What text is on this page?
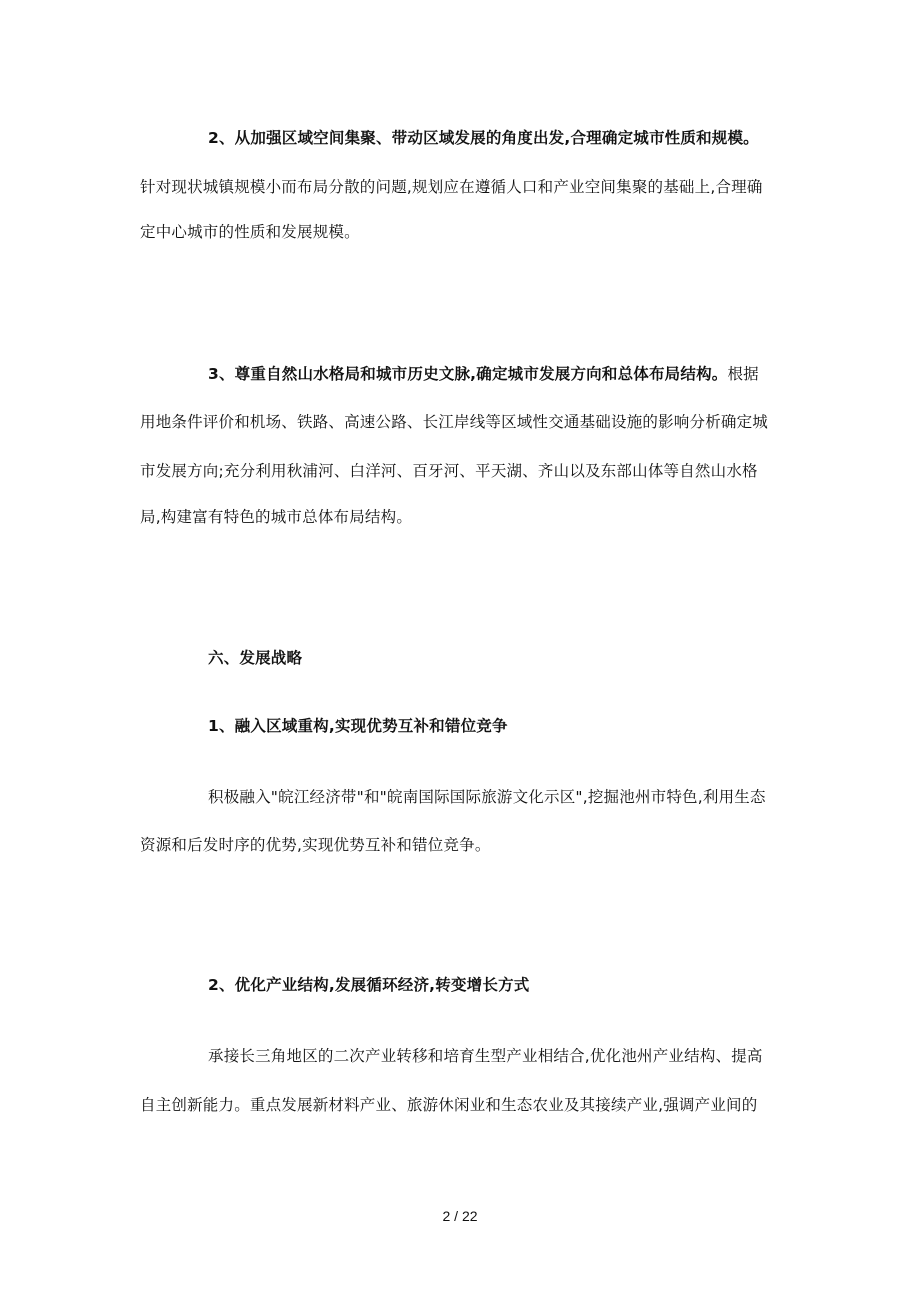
2、从加强区域空间集聚、带动区域发展的角度出发,合理确定城市性质和规模。
针对现状城镇规模小而布局分散的问题,规划应在遵循人口和产业空间集聚的基础上,合理确
定中心城市的性质和发展规模。
3、尊重自然山水格局和城市历史文脉,确定城市发展方向和总体布局结构。根据
用地条件评价和机场、铁路、高速公路、长江岸线等区域性交通基础设施的影响分析确定城
市发展方向;充分利用秋浦河、白洋河、百牙河、平天湖、齐山以及东部山体等自然山水格
局,构建富有特色的城市总体布局结构。
六、发展战略
1、融入区域重构,实现优势互补和错位竞争
积极融入"皖江经济带"和"皖南国际国际旅游文化示区",挖掘池州市特色,利用生态
资源和后发时序的优势,实现优势互补和错位竞争。
2、优化产业结构,发展循环经济,转变增长方式
承接长三角地区的二次产业转移和培育生型产业相结合,优化池州产业结构、提高
自主创新能力。重点发展新材料产业、旅游休闲业和生态农业及其接续产业,强调产业间的
2 / 22
